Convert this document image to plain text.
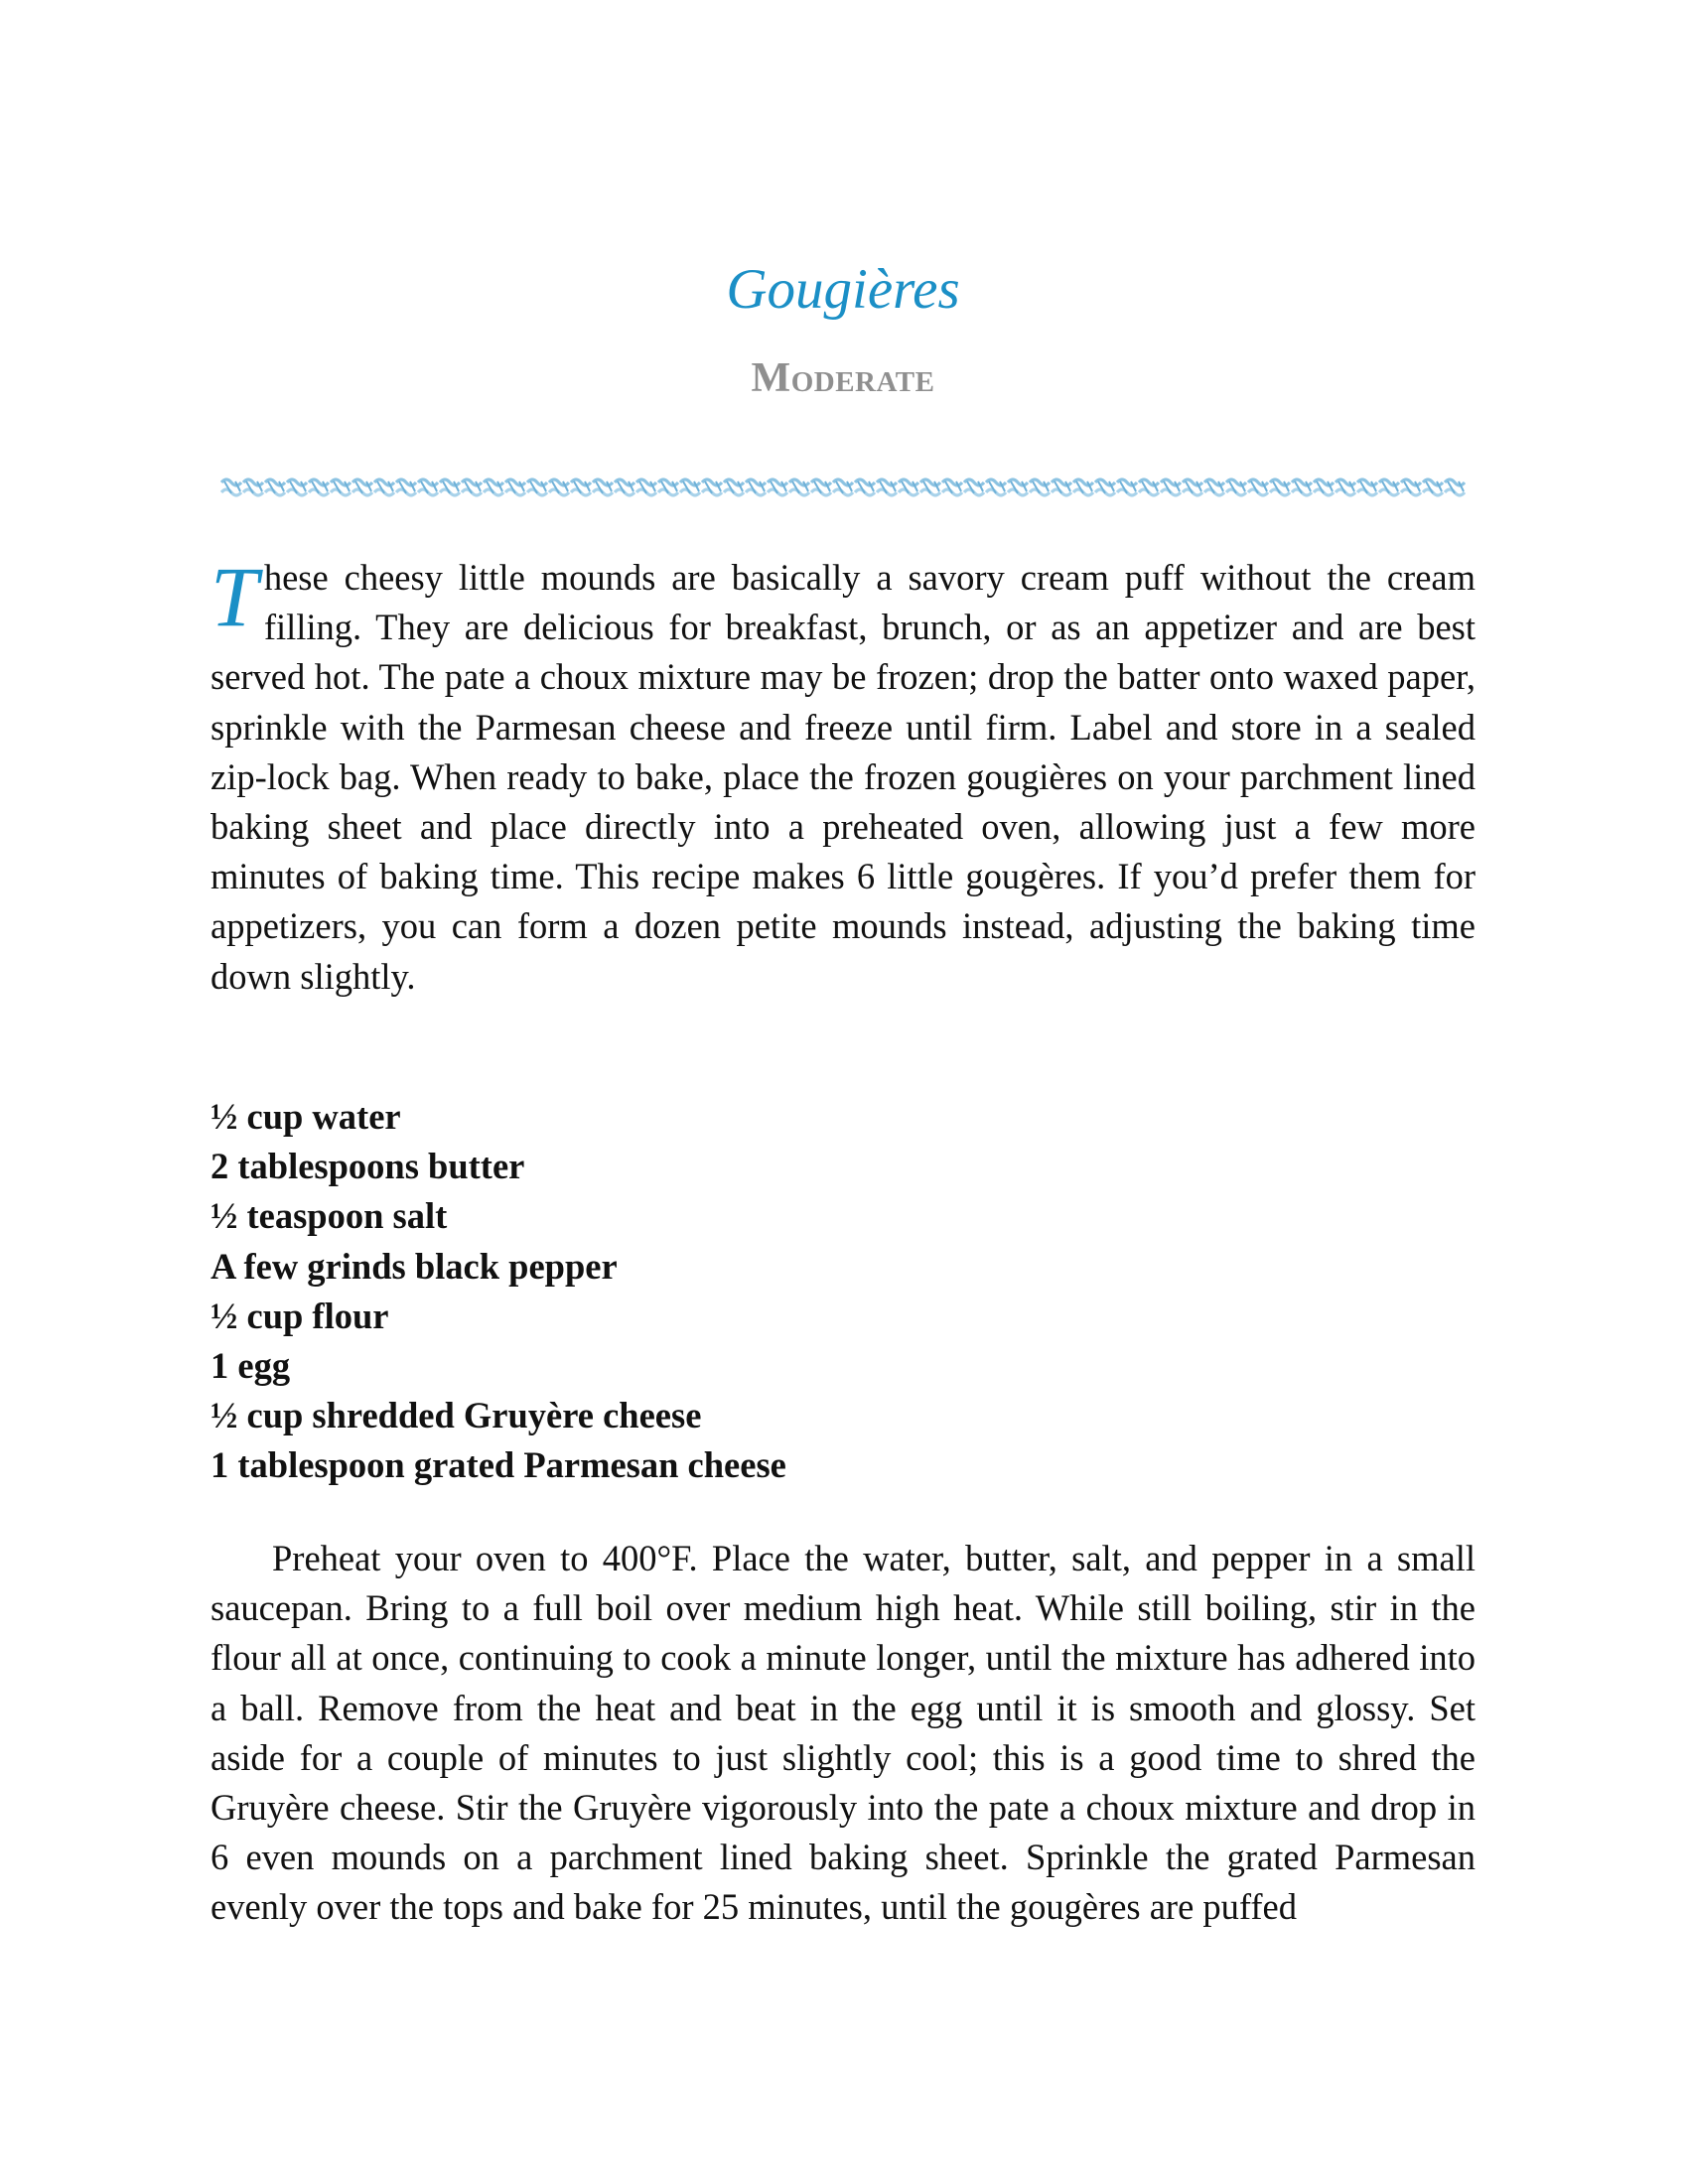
Gougières
Moderate

These cheesy little mounds are basically a savory cream puff without the cream filling. They are delicious for breakfast, brunch, or as an appetizer and are best served hot. The pate a choux mixture may be frozen; drop the batter onto waxed paper, sprinkle with the Parmesan cheese and freeze until firm. Label and store in a sealed zip-lock bag. When ready to bake, place the frozen gougières on your parchment lined baking sheet and place directly into a preheated oven, allowing just a few more minutes of baking time. This recipe makes 6 little gougères. If you’d prefer them for appetizers, you can form a dozen petite mounds instead, adjusting the baking time down slightly.

½ cup water
2 tablespoons butter
½ teaspoon salt
A few grinds black pepper
½ cup flour
1 egg
½ cup shredded Gruyère cheese
1 tablespoon grated Parmesan cheese

Preheat your oven to 400°F. Place the water, butter, salt, and pepper in a small saucepan. Bring to a full boil over medium high heat. While still boiling, stir in the flour all at once, continuing to cook a minute longer, until the mixture has adhered into a ball. Remove from the heat and beat in the egg until it is smooth and glossy. Set aside for a couple of minutes to just slightly cool; this is a good time to shred the Gruyère cheese. Stir the Gruyère vigorously into the pate a choux mixture and drop in 6 even mounds on a parchment lined baking sheet. Sprinkle the grated Parmesan evenly over the tops and bake for 25 minutes, until the gougères are puffed
